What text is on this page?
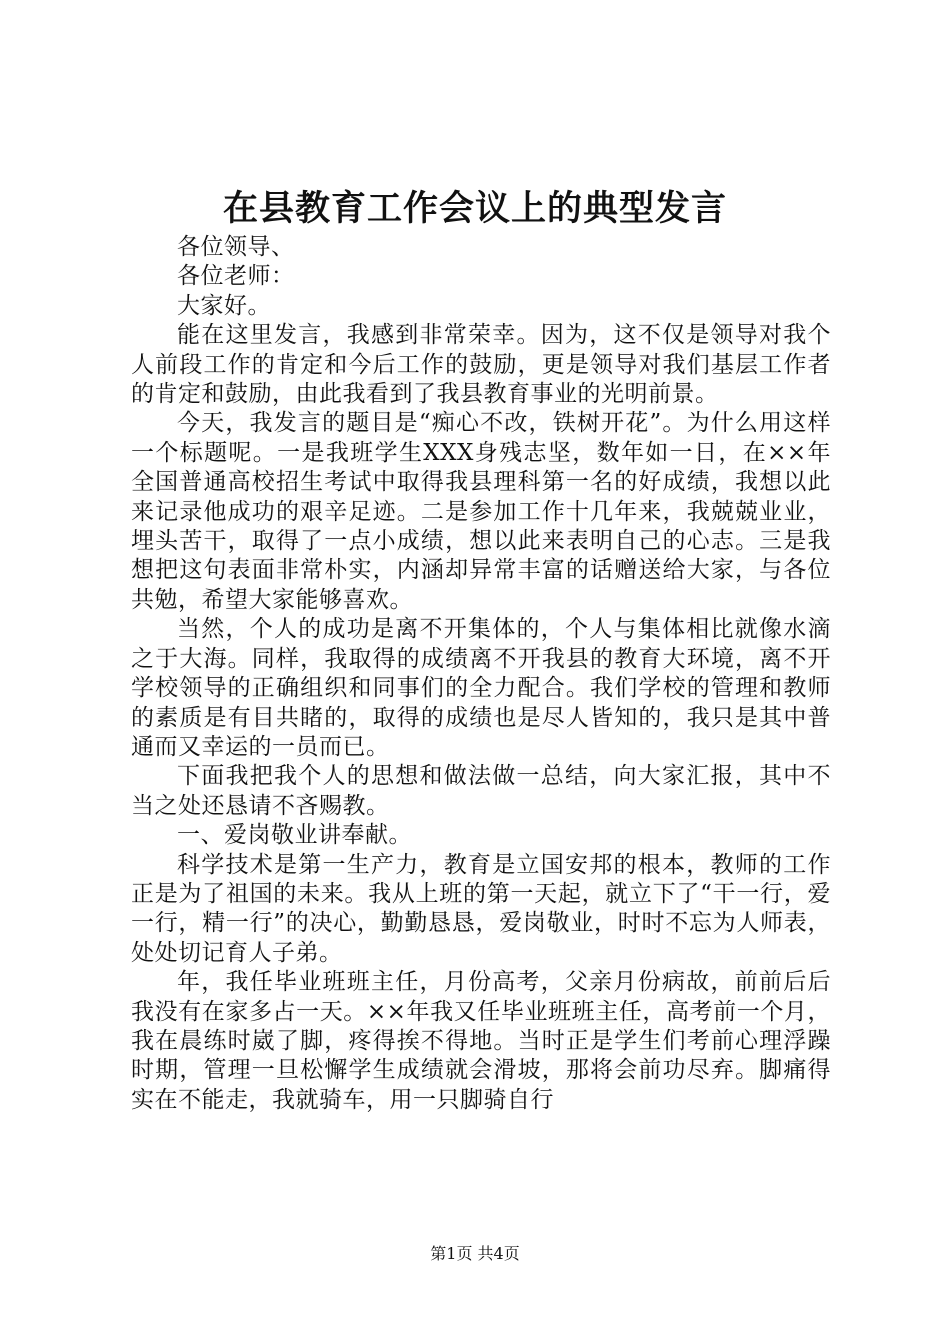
在县教育工作会议上的典型发言

各位领导、

各位老师：

大家好。

能在这里发言，我感到非常荣幸。因为，这不仅是领导对我个人前段工作的肯定和今后工作的鼓励，更是领导对我们基层工作者的肯定和鼓励，由此我看到了我县教育事业的光明前景。

今天，我发言的题目是“痴心不改，铁树开花”。为什么用这样一个标题呢。一是我班学生XXX身残志坚，数年如一日，在××年全国普通高校招生考试中取得我县理科第一名的好成绩，我想以此来记录他成功的艰辛足迹。二是参加工作十几年来，我兢兢业业，埋头苦干，取得了一点小成绩，想以此来表明自己的心志。三是我想把这句表面非常朴实，内涵却异常丰富的话赠送给大家，与各位共勉，希望大家能够喜欢。

当然，个人的成功是离不开集体的，个人与集体相比就像水滴之于大海。同样，我取得的成绩离不开我县的教育大环境，离不开学校领导的正确组织和同事们的全力配合。我们学校的管理和教师的素质是有目共睹的，取得的成绩也是尽人皆知的，我只是其中普通而又幸运的一员而已。

下面我把我个人的思想和做法做一总结，向大家汇报，其中不当之处还恳请不吝赐教。

一、爱岗敬业讲奉献。

科学技术是第一生产力，教育是立国安邦的根本，教师的工作正是为了祖国的未来。我从上班的第一天起，就立下了“干一行，爱一行，精一行”的决心，勤勤恳恳，爱岗敬业，时时不忘为人师表，处处切记育人子弟。

年，我任毕业班班主任，月份高考，父亲月份病故，前前后后我没有在家多占一天。××年我又任毕业班班主任，高考前一个月，我在晨练时崴了脚，疼得挨不得地。当时正是学生们考前心理浮躁时期，管理一旦松懈学生成绩就会滑坡，那将会前功尽弃。脚痛得实在不能走，我就骑车，用一只脚骑自行

第1页 共4页
